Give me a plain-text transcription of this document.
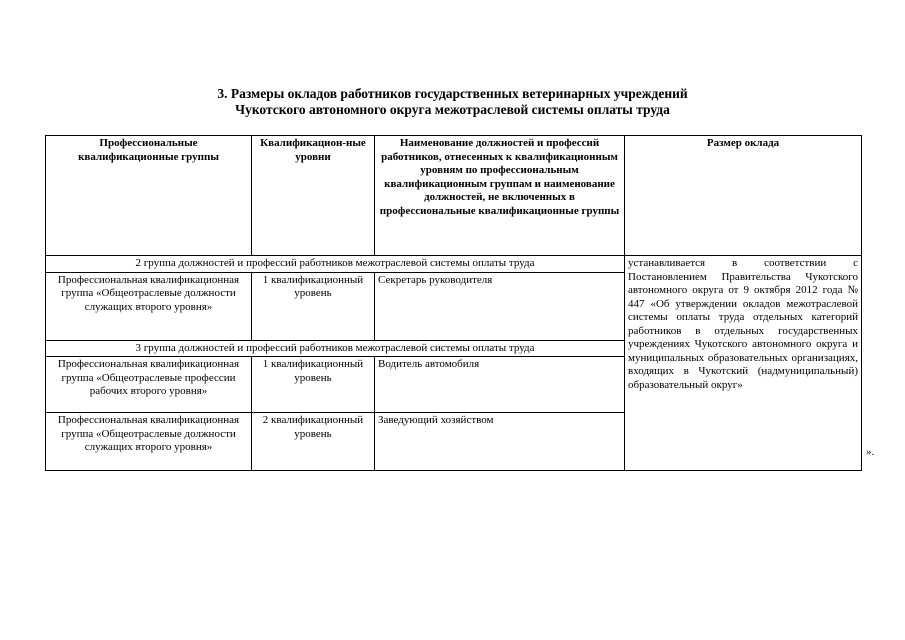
3. Размеры окладов работников государственных ветеринарных учреждений
Чукотского автономного округа межотраслевой системы оплаты труда
Профессиональные квалификационные группы	Квалификацион-ные уровни	Наименование должностей и профессий работников, отнесенных к квалификационным уровням по профессиональным квалификационным группам и наименование должностей, не включенных в профессиональные квалификационные группы	Размер оклада
2 группа должностей и профессий работников межотраслевой системы оплаты труда			устанавливается в соответствии с Постановлением Правительства Чукотского автономного округа от 9 октября 2012 года № 447 «Об утверждении окладов межотраслевой системы оплаты труда отдельных категорий работников в отдельных государственных учреждениях Чукотского автономного округа и муниципальных образовательных организациях, входящих в Чукотский (надмуниципальный) образовательный округ»
Профессиональная квалификационная группа «Общеотраслевые должности служащих второго уровня»	1 квалификационный уровень	Секретарь руководителя	
3 группа должностей и профессий работников межотраслевой системы оплаты труда			
Профессиональная квалификационная группа «Общеотраслевые профессии рабочих второго уровня»	1 квалификационный уровень	Водитель автомобиля	
Профессиональная квалификационная группа «Общеотраслевые должности служащих второго уровня»	2 квалификационный уровень	Заведующий хозяйством	
».
